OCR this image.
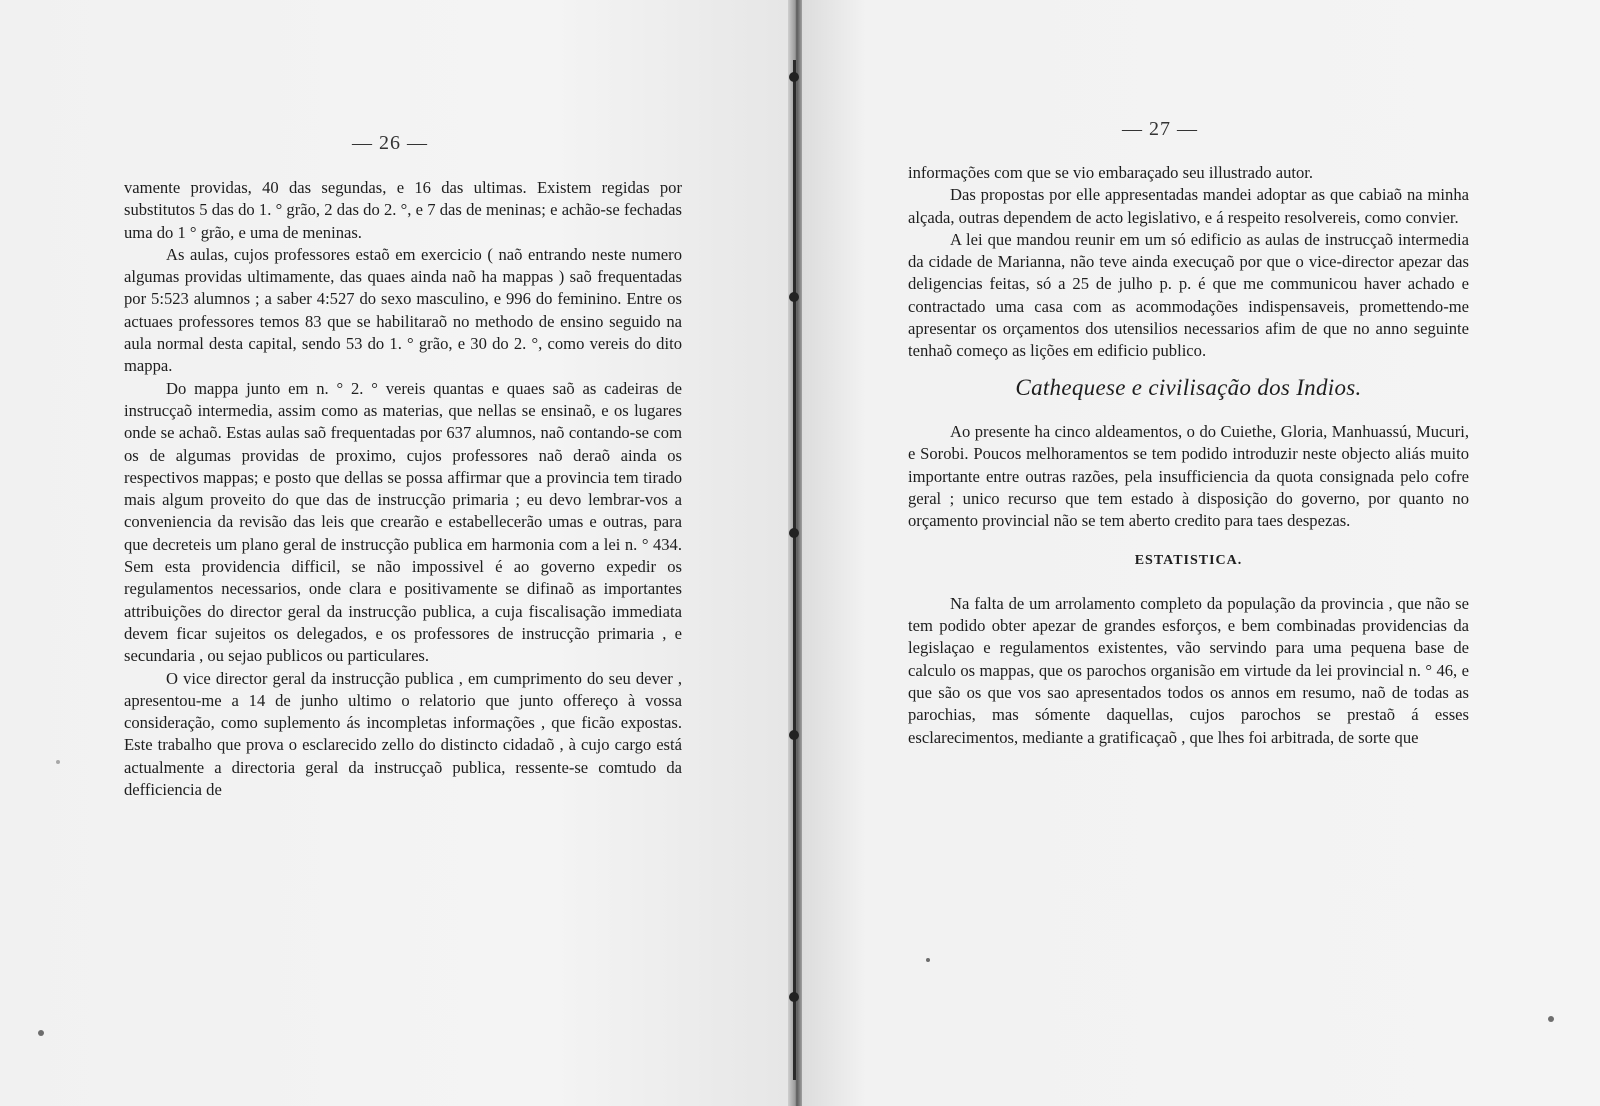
— 26 —

vamente providas, 40 das segundas, e 16 das ultimas. Existem regidas por substitutos 5 das do 1. ° grão, 2 das do 2. °, e 7 das de meninas; e achão-se fechadas uma do 1 ° grão, e uma de meninas.

As aulas, cujos professores estaõ em exercicio ( naõ entrando neste numero algumas providas ultimamente, das quaes ainda naõ ha mappas ) saõ frequentadas por 5:523 alumnos ; a saber 4:527 do sexo masculino, e 996 do feminino. Entre os actuaes professores temos 83 que se habilitaraõ no methodo de ensino seguido na aula normal desta capital, sendo 53 do 1. ° grão, e 30 do 2. °, como vereis do dito mappa.

Do mappa junto em n. ° 2. ° vereis quantas e quaes saõ as cadeiras de instrucçaõ intermedia, assim como as materias, que nellas se ensinaõ, e os lugares onde se achaõ. Estas aulas saõ frequentadas por 637 alumnos, naõ contando-se com os de algumas providas de proximo, cujos professores naõ deraõ ainda os respectivos mappas; e posto que dellas se possa affirmar que a provincia tem tirado mais algum proveito do que das de instrucção primaria ; eu devo lembrar-vos a conveniencia da revisão das leis que crearão e estabellecerão umas e outras, para que decreteis um plano geral de instrucção publica em harmonia com a lei n. ° 434. Sem esta providencia difficil, se não impossivel é ao governo expedir os regulamentos necessarios, onde clara e positivamente se difinaõ as importantes attribuições do director geral da instrucção publica, a cuja fiscalisação immediata devem ficar sujeitos os delegados, e os professores de instrucção primaria , e secundaria , ou sejao publicos ou particulares.

O vice director geral da instrucção publica , em cumprimento do seu dever , apresentou-me a 14 de junho ultimo o relatorio que junto offereço à vossa consideração, como suplemento ás incompletas informações , que ficão expostas. Este trabalho que prova o esclarecido zello do distincto cidadaõ , à cujo cargo está actualmente a directoria geral da instrucçaõ publica, ressente-se comtudo da defficiencia de

— 27 —

informações com que se vio embaraçado seu illustrado autor.

Das propostas por elle appresentadas mandei adoptar as que cabiaõ na minha alçada, outras dependem de acto legislativo, e á respeito resolvereis, como convier.

A lei que mandou reunir em um só edificio as aulas de instrucçaõ intermedia da cidade de Marianna, não teve ainda execuçaõ por que o vice-director apezar das deligencias feitas, só a 25 de julho p. p. é que me communicou haver achado e contractado uma casa com as acommodações indispensaveis, promettendo-me apresentar os orçamentos dos utensilios necessarios afim de que no anno seguinte tenhaõ começo as lições em edificio publico.

Cathequese e civilisação dos Indios.

Ao presente ha cinco aldeamentos, o do Cuiethe, Gloria, Manhuassú, Mucuri, e Sorobi. Poucos melhoramentos se tem podido introduzir neste objecto aliás muito importante entre outras razões, pela insufficiencia da quota consignada pelo cofre geral ; unico recurso que tem estado à disposição do governo, por quanto no orçamento provincial não se tem aberto credito para taes despezas.

ESTATISTICA.

Na falta de um arrolamento completo da população da provincia , que não se tem podido obter apezar de grandes esforços, e bem combinadas providencias da legislaçao e regulamentos existentes, vão servindo para uma pequena base de calculo os mappas, que os parochos organisão em virtude da lei provincial n. ° 46, e que são os que vos sao apresentados todos os annos em resumo, naõ de todas as parochias, mas sómente daquellas, cujos parochos se prestaõ á esses esclarecimentos, mediante a gratificaçaõ , que lhes foi arbitrada, de sorte que
